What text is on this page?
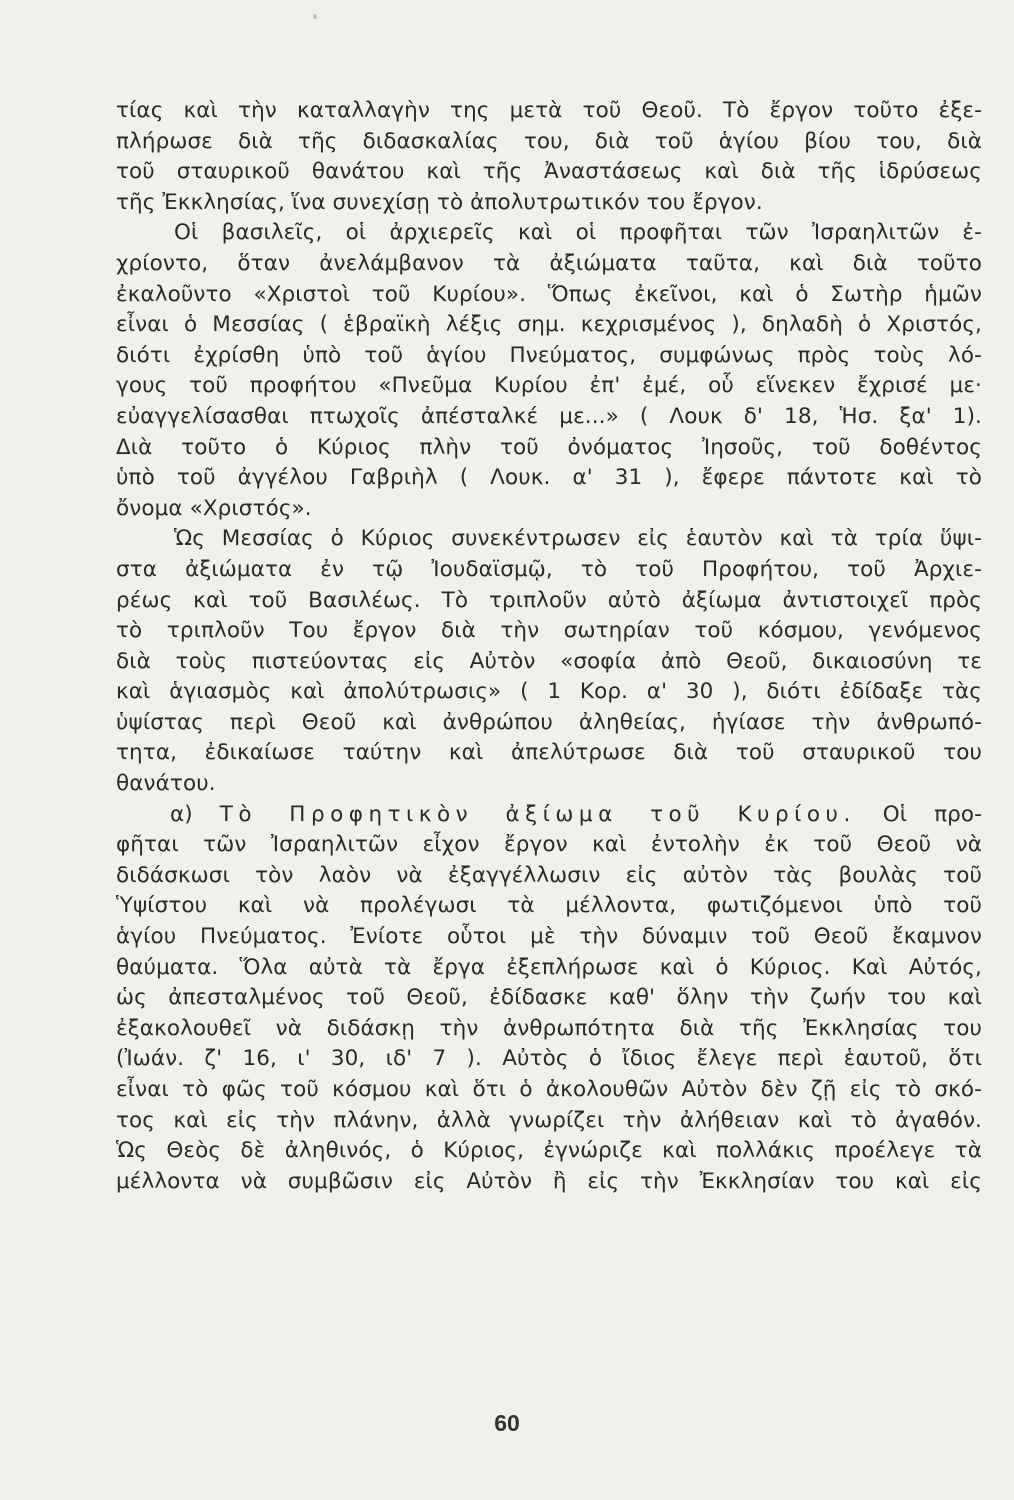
τίας καὶ τὴν καταλλαγὴν της μετὰ τοῦ Θεοῦ. Τὸ ἔργον τοῦτο ἐξε-
πλήρωσε διὰ τῆς διδασκαλίας του, διὰ τοῦ ἁγίου βίου του, διὰ
τοῦ σταυρικοῦ θανάτου καὶ τῆς Ἀναστάσεως καὶ διὰ τῆς ἱδρύσεως
τῆς Ἐκκλησίας, ἵνα συνεχίσῃ τὸ ἀπολυτρωτικόν του ἔργον.
Οἱ βασιλεῖς, οἱ ἀρχιερεῖς καὶ οἱ προφῆται τῶν Ἰσραηλιτῶν ἐ-
χρίοντο, ὅταν ἀνελάμβανον τὰ ἀξιώματα ταῦτα, καὶ διὰ τοῦτο
ἐκαλοῦντο «Χριστοὶ τοῦ Κυρίου». Ὅπως ἐκεῖνοι, καὶ ὁ Σωτὴρ ἡμῶν
εἶναι ὁ Μεσσίας ( ἑβραϊκὴ λέξις σημ. κεχρισμένος ), δηλαδὴ ὁ Χριστός,
διότι ἐχρίσθη ὑπὸ τοῦ ἁγίου Πνεύματος, συμφώνως πρὸς τοὺς λό-
γους τοῦ προφήτου «Πνεῦμα Κυρίου ἐπ' ἐμέ, οὗ εἵνεκεν ἔχρισέ με·
εὐαγγελίσασθαι πτωχοῖς ἀπέσταλκέ με...» ( Λουκ δ' 18, Ἡσ. ξα' 1).
Διὰ τοῦτο ὁ Κύριος πλὴν τοῦ ὀνόματος Ἰησοῦς, τοῦ δοθέντος
ὑπὸ τοῦ ἀγγέλου Γαβριὴλ ( Λουκ. α' 31 ), ἔφερε πάντοτε καὶ τὸ
ὄνομα «Χριστός».
Ὡς Μεσσίας ὁ Κύριος συνεκέντρωσεν εἰς ἑαυτὸν καὶ τὰ τρία ὕψι-
στα ἀξιώματα ἐν τῷ Ἰουδαϊσμῷ, τὸ τοῦ Προφήτου, τοῦ Ἀρχιε-
ρέως καὶ τοῦ Βασιλέως. Τὸ τριπλοῦν αὐτὸ ἀξίωμα ἀντιστοιχεῖ πρὸς
τὸ τριπλοῦν Του ἔργον διὰ τὴν σωτηρίαν τοῦ κόσμου, γενόμενος
διὰ τοὺς πιστεύοντας εἰς Αὐτὸν «σοφία ἀπὸ Θεοῦ, δικαιοσύνη τε
καὶ ἁγιασμὸς καὶ ἀπολύτρωσις» ( 1 Κορ. α' 30 ), διότι ἐδίδαξε τὰς
ὑψίστας περὶ Θεοῦ καὶ ἀνθρώπου ἀληθείας, ἡγίασε τὴν ἀνθρωπό-
τητα, ἐδικαίωσε ταύτην καὶ ἀπελύτρωσε διὰ τοῦ σταυρικοῦ του
θανάτου.
α) Τὸ Προφητικὸν ἀξίωμα τοῦ Κυρίου. Οἱ προ-
φῆται τῶν Ἰσραηλιτῶν εἶχον ἔργον καὶ ἐντολὴν ἐκ τοῦ Θεοῦ νὰ
διδάσκωσι τὸν λαὸν νὰ ἐξαγγέλλωσιν εἰς αὐτὸν τὰς βουλὰς τοῦ
Ὑψίστου καὶ νὰ προλέγωσι τὰ μέλλοντα, φωτιζόμενοι ὑπὸ τοῦ
ἁγίου Πνεύματος. Ἐνίοτε οὗτοι μὲ τὴν δύναμιν τοῦ Θεοῦ ἔκαμνον
θαύματα. Ὅλα αὐτὰ τὰ ἔργα ἐξεπλήρωσε καὶ ὁ Κύριος. Καὶ Αὐτός,
ὡς ἀπεσταλμένος τοῦ Θεοῦ, ἐδίδασκε καθ' ὅλην τὴν ζωήν του καὶ
ἐξακολουθεῖ νὰ διδάσκῃ τὴν ἀνθρωπότητα διὰ τῆς Ἐκκλησίας του
(Ἰωάν. ζ' 16, ι' 30, ιδ' 7 ). Αὐτὸς ὁ ἴδιος ἔλεγε περὶ ἑαυτοῦ, ὅτι
εἶναι τὸ φῶς τοῦ κόσμου καὶ ὅτι ὁ ἀκολουθῶν Αὐτὸν δὲν ζῇ εἰς τὸ σκό-
τος καὶ εἰς τὴν πλάνην, ἀλλὰ γνωρίζει τὴν ἀλήθειαν καὶ τὸ ἀγαθόν.
Ὡς Θεὸς δὲ ἀληθινός, ὁ Κύριος, ἐγνώριζε καὶ πολλάκις προέλεγε τὰ
μέλλοντα νὰ συμβῶσιν εἰς Αὐτὸν ἢ εἰς τὴν Ἐκκλησίαν του καὶ εἰς
60
